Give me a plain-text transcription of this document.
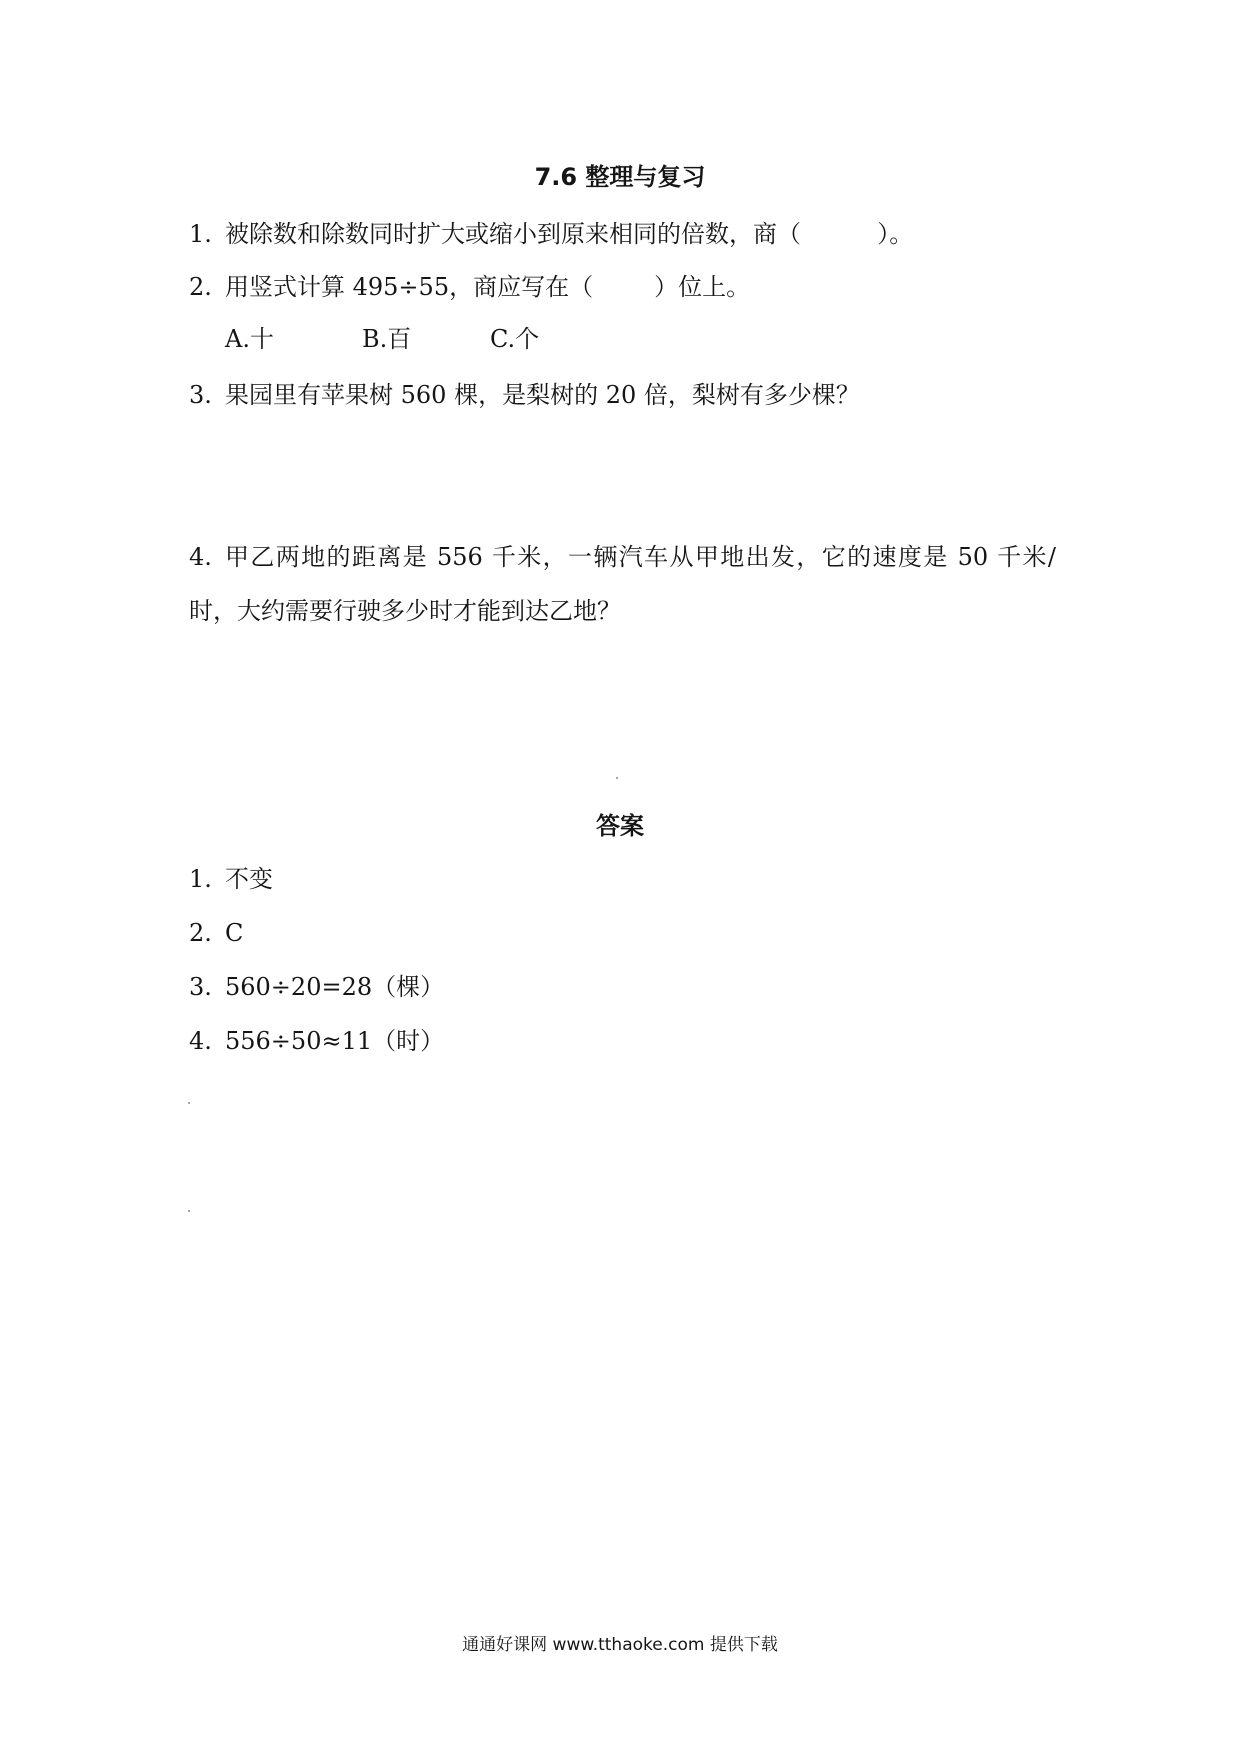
7.6 整理与复习
1. 被除数和除数同时扩大或缩小到原来相同的倍数，商（          ）。
2. 用竖式计算 495÷55，商应写在（        ）位上。
A.十	B.百	C.个
3. 果园里有苹果树 560 棵，是梨树的 20 倍，梨树有多少棵？
4. 甲乙两地的距离是 556 千米，一辆汽车从甲地出发，它的速度是 50 千米/
时，大约需要行驶多少时才能到达乙地？
答案
1. 不变
2. C
3. 560÷20=28（棵）
4. 556÷50≈11（时）
通通好课网 www.tthaoke.com 提供下载
